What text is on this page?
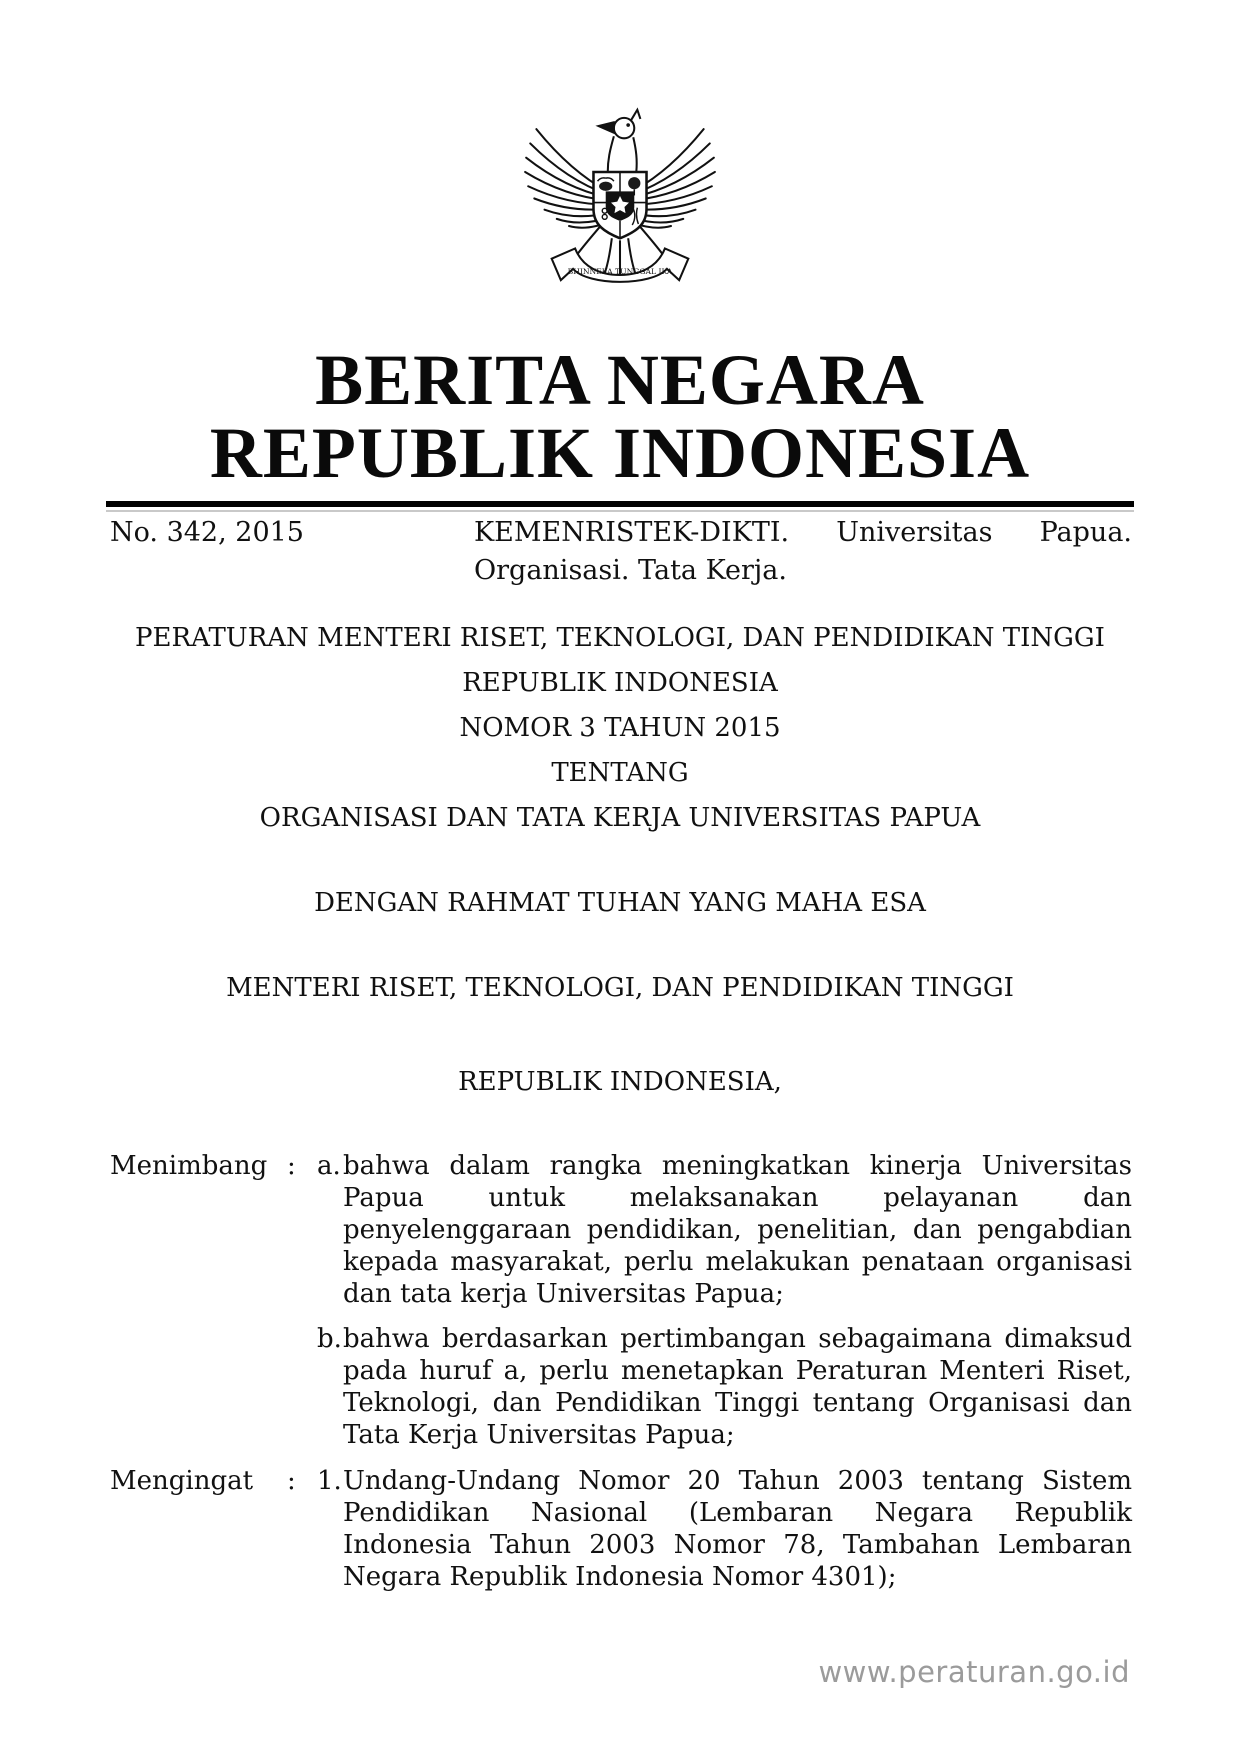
BHINNEKA TUNGGAL IKA
BERITA NEGARA
REPUBLIK INDONESIA
No. 342, 2015	KEMENRISTEK-DIKTI. Universitas Papua. Organisasi. Tata Kerja.
PERATURAN MENTERI RISET, TEKNOLOGI, DAN PENDIDIKAN TINGGI
REPUBLIK INDONESIA
NOMOR 3 TAHUN 2015
TENTANG
ORGANISASI DAN TATA KERJA UNIVERSITAS PAPUA
DENGAN RAHMAT TUHAN YANG MAHA ESA
MENTERI RISET, TEKNOLOGI, DAN PENDIDIKAN TINGGI
REPUBLIK INDONESIA,
Menimbang : a. bahwa dalam rangka meningkatkan kinerja Universitas Papua untuk melaksanakan pelayanan dan penyelenggaraan pendidikan, penelitian, dan pengabdian kepada masyarakat, perlu melakukan penataan organisasi dan tata kerja Universitas Papua;
b. bahwa berdasarkan pertimbangan sebagaimana dimaksud pada huruf a, perlu menetapkan Peraturan Menteri Riset, Teknologi, dan Pendidikan Tinggi tentang Organisasi dan Tata Kerja Universitas Papua;
Mengingat	: 1. Undang-Undang Nomor 20 Tahun 2003 tentang Sistem Pendidikan Nasional (Lembaran Negara Republik Indonesia Tahun 2003 Nomor 78, Tambahan Lembaran Negara Republik Indonesia Nomor 4301);
www.peraturan.go.id
